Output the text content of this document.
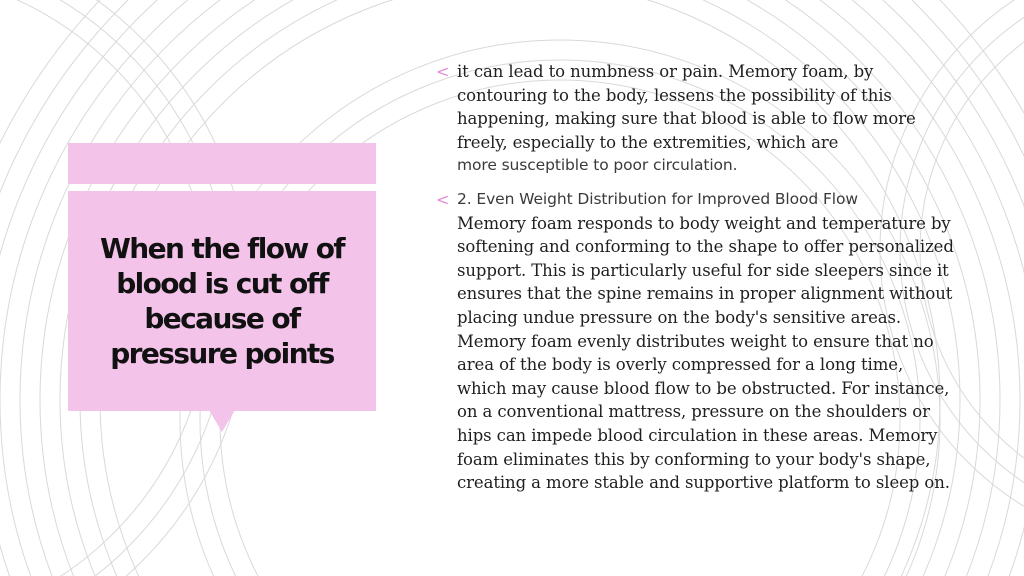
When the flow of blood is cut off because of pressure points
< it can lead to numbness or pain. Memory foam, by contouring to the body, lessens the possibility of this happening, making sure that blood is able to flow more freely, especially to the extremities, which are
more susceptible to poor circulation.
< 2. Even Weight Distribution for Improved Blood Flow
Memory foam responds to body weight and temperature by softening and conforming to the shape to offer personalized support. This is particularly useful for side sleepers since it ensures that the spine remains in proper alignment without placing undue pressure on the body's sensitive areas. Memory foam evenly distributes weight to ensure that no area of the body is overly compressed for a long time, which may cause blood flow to be obstructed. For instance, on a conventional mattress, pressure on the shoulders or hips can impede blood circulation in these areas. Memory foam eliminates this by conforming to your body's shape, creating a more stable and supportive platform to sleep on.
